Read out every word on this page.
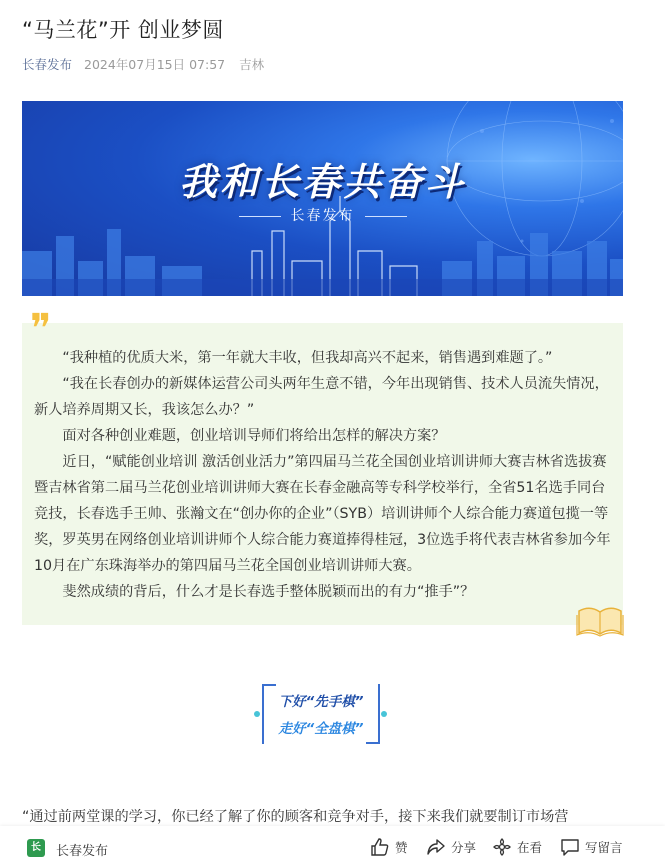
“马兰花”开 创业梦圆
长春发布 2024年07月15日 07:57 吉林
我和长春共奋斗
长春发布
❞

“我种植的优质大米，第一年就大丰收，但我却高兴不起来，销售遇到难题了。”

“我在长春创办的新媒体运营公司头两年生意不错，今年出现销售、技术人员流失情况，新人培养周期又长，我该怎么办？”

面对各种创业难题，创业培训导师们将给出怎样的解决方案？

近日，“赋能创业培训 激活创业活力”第四届马兰花全国创业培训讲师大赛吉林省选拔赛暨吉林省第二届马兰花创业培训讲师大赛在长春金融高等专科学校举行，全省51名选手同台竞技，长春选手王帅、张瀚文在“创办你的企业”（SYB）培训讲师个人综合能力赛道包揽一等奖，罗英男在网络创业培训讲师个人综合能力赛道捧得桂冠，3位选手将代表吉林省参加今年10月在广东珠海举办的第四届马兰花全国创业培训讲师大赛。

斐然成绩的背后，什么才是长春选手整体脱颖而出的有力“推手”？

下好“先手棋”
走好“全盘棋”
“通过前两堂课的学习，你已经了解了你的顾客和竞争对手，接下来我们就要制订市场营
长	长春发布	赞	分享	在看	写留言
